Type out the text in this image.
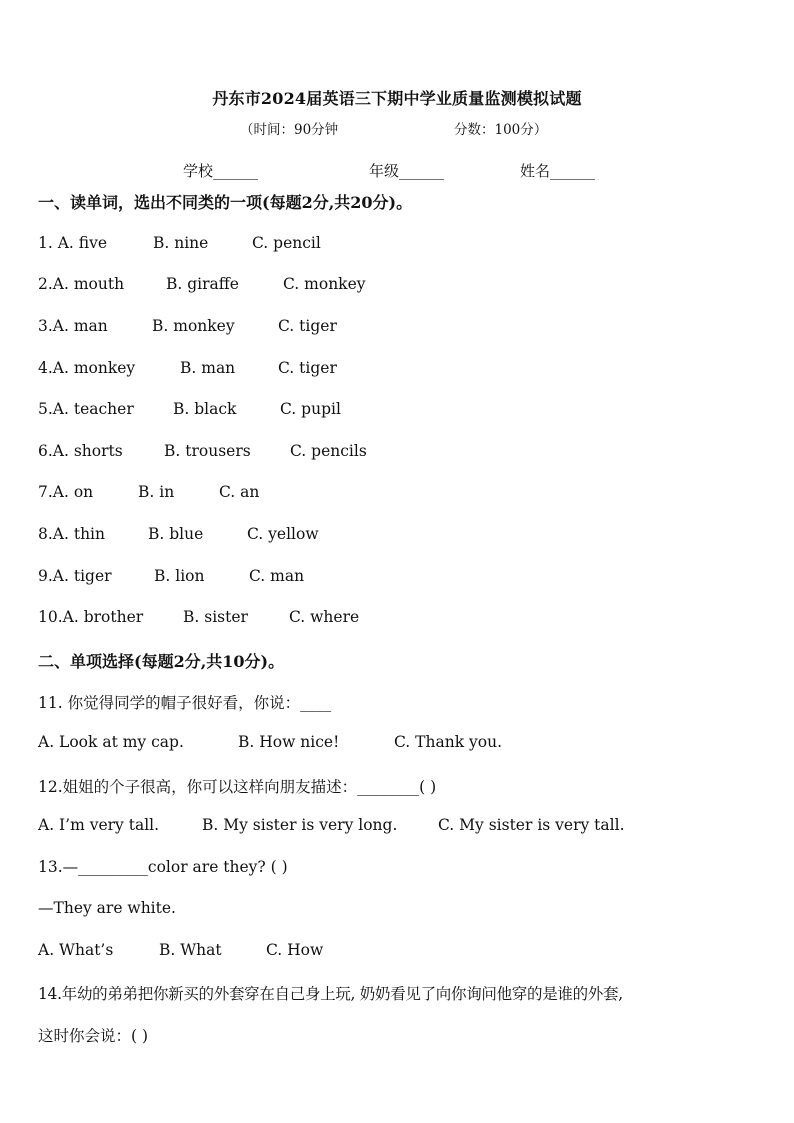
丹东市2024届英语三下期中学业质量监测模拟试题
（时间：90分钟	分数：100分）
学校______	年级______	姓名______
一、读单词，选出不同类的一项(每题2分,共20分)。
1. A. five	B. nine	C. pencil
2.A. mouth	B. giraffe	C. monkey
3.A. man	B. monkey	C. tiger
4.A. monkey	B. man	C. tiger
5.A. teacher	B. black	C. pupil
6.A. shorts	B. trousers	C. pencils
7.A. on	B. in	C. an
8.A. thin	B. blue	C. yellow
9.A. tiger	B. lion	C. man
10.A. brother	B. sister	C. where
二、单项选择(每题2分,共10分)。
11. 你觉得同学的帽子很好看，你说：____
A. Look at my cap.	B. How nice!	C. Thank you.
12.姐姐的个子很高，你可以这样向朋友描述：________( )
A. I’m very tall.	B. My sister is very long.	C. My sister is very tall.
13.—_________color are they? ( )
—They are white.
A. What’s	B. What	C. How
14.年幼的弟弟把你新买的外套穿在自己身上玩, 奶奶看见了向你询问他穿的是谁的外套,
这时你会说：( )
